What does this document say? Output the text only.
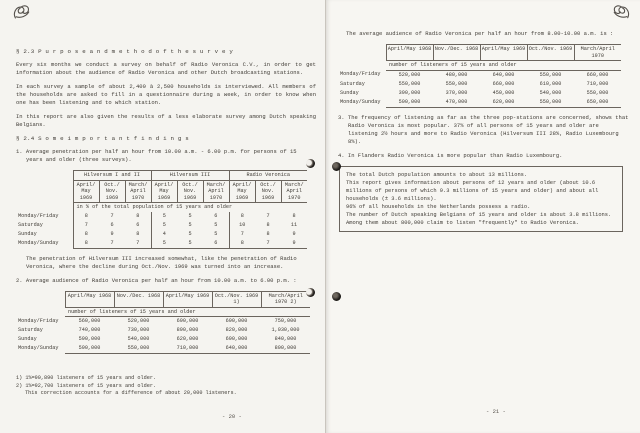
§ 2.3 P u r p o s e a n d m e t h o d o f t h e s u r v e y
Every six months we conduct a survey on behalf of Radio Veronica C.V., in order to get information about the audience of Radio Veronica and other Dutch broadcasting stations.
In each survey a sample of about 2,400 à 2,500 households is interviewed. All members of the households are asked to fill in a questionnaire during a week, in order to know when one has been listening and to which station.
In this report are also given the results of a less elaborate survey among Dutch speaking Belgians.
§ 2.4 S o m e i m p o r t a n t f i n d i n g s
1. Average penetration per half an hour from 10.00 a.m. - 6.00 p.m. for persons of 15 years and older (three surveys).
	Hilversum I and II			Hilversum III			Radio Veronica		
	April/ May 1969	Oct./ Nov. 1969	March/ April 1970	April/ May 1969	Oct./ Nov. 1969	March/ April 1970	April/ May 1969	Oct./ Nov. 1969	March/ April 1970
	in % of the total population of 15 years and older								
Monday/Friday	8	7	8	5	5	6	8	7	8
Saturday	7	6	6	5	5	5	10	8	11
Sunday	8	9	8	4	5	5	7	8	9
Monday/Sunday	8	7	7	5	5	6	8	7	9
The penetration of Hilversum III increased somewhat, like the penetration of Radio Veronica, where the decline during Oct./Nov. 1969 was turned into an increase.
2. Average audience of Radio Veronica per half an hour from 10.00 a.m. to 6.00 p.m. :
	April/May 1968	Nov./Dec. 1968	April/May 1969	Oct./Nov. 1969 1)	March/April 1970 2)
	number of listeners of 15 years and older				
Monday/Friday	560,000	520,000	690,000	690,000	750,000
Saturday	740,000	730,000	890,000	820,000	1,030,000
Sunday	590,000	540,000	620,000	690,000	840,000
Monday/Sunday	590,000	550,000	710,000	640,000	800,000
1) 1%=90,890 listeners of 15 years and older.
2) 1%=92,700 listeners of 15 years and older.
This correction accounts for a difference of about 20,000 listeners.
- 20 -
The average audience of Radio Veronica per half an hour from 8.00-10.00 a.m. is :
	April/May 1968	Nov./Dec. 1968	April/May 1969	Oct./Nov. 1969	March/April 1970
	number of listeners of 15 years and older				
Monday/Friday	520,000	480,000	640,000	550,000	660,000
Saturday	550,000	550,000	660,000	610,000	710,000
Sunday	390,000	370,000	450,000	540,000	550,000
Monday/Sunday	500,000	470,000	620,000	550,000	650,000
3. The frequency of listening as far as the three pop-stations are concerned, shows that Radio Veronica is most popular. 37% of all persons of 15 years and older are listening 2½ hours and more to Radio Veronica (Hilversum III 28%, Radio Luxembourg 8%).
4. In Flanders Radio Veronica is more popular than Radio Luxembourg.
The total Dutch population amounts to about 13 millions.
This report gives information about persons of 12 years and older (about 10.6 millions of persons of which 9.3 millions of 15 years and older) and about all households (± 3.6 millions).
96% of all households in the Netherlands possess a radio.
The number of Dutch speaking Belgians of 15 years and older is about 3.8 millions. Among them about 800,000 claim to listen "frequently" to Radio Veronica.
- 21 -
